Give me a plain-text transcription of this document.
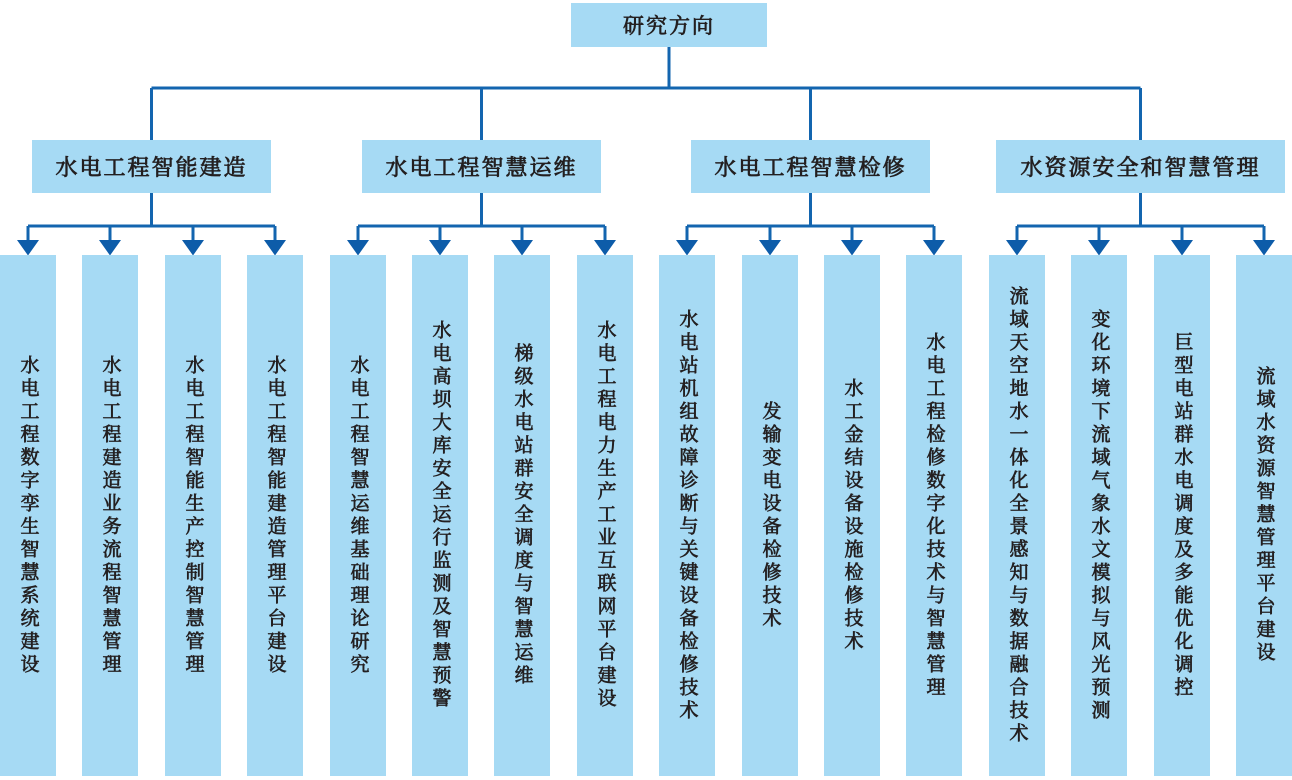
研究方向
水电工程智能建造	水电工程智慧运维	水电工程智慧检修	水资源安全和智慧管理
水电工程数字孪生智慧系统建设	水电工程建造业务流程智慧管理	水电工程智能生产控制智慧管理	水电工程智能建造管理平台建设	水电工程智慧运维基础理论研究	水电高坝大库安全运行监测及智慧预警	梯级水电站群安全调度与智慧运维	水电工程电力生产工业互联网平台建设	水电站机组故障诊断与关键设备检修技术	发输变电设备检修技术	水工金结设备设施检修技术	水电工程检修数字化技术与智慧管理	流域天空地水一体化全景感知与数据融合技术	变化环境下流域气象水文模拟与风光预测	巨型电站群水电调度及多能优化调控	流域水资源智慧管理平台建设
